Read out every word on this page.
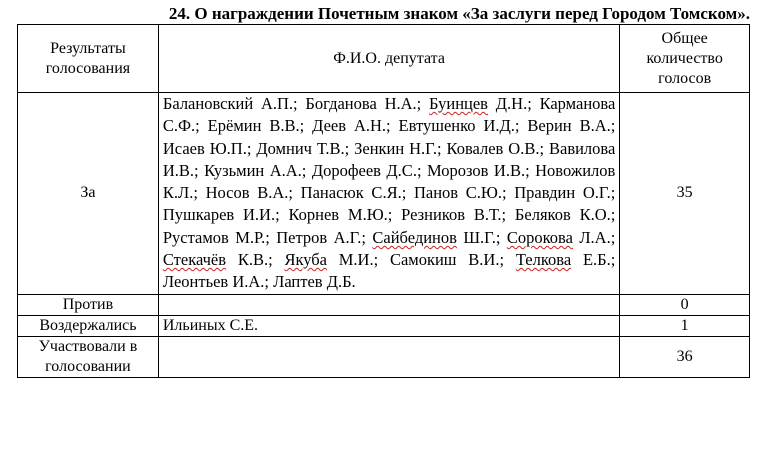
24. О награждении Почетным знаком «За заслуги перед Городом Томском».
Результаты голосования	Ф.И.О. депутата	Общее количество голосов
За	Балановский А.П.; Богданова Н.А.; Буинцев Д.Н.; Карманова С.Ф.; Ерёмин В.В.; Деев А.Н.; Евтушенко И.Д.; Верин В.А.; Исаев Ю.П.; Домнич Т.В.; Зенкин Н.Г.; Ковалев О.В.; Вавилова И.В.; Кузьмин А.А.; Дорофеев Д.С.; Морозов И.В.; Новожилов К.Л.; Носов В.А.; Панасюк С.Я.; Панов С.Ю.; Правдин О.Г.; Пушкарев И.И.; Корнев М.Ю.; Резников В.Т.; Беляков К.О.; Рустамов М.Р.; Петров А.Г.; Сайбединов Ш.Г.; Сорокова Л.А.; Стекачёв К.В.; Якуба М.И.; Самокиш В.И.; Телкова Е.Б.; Леонтьев И.А.; Лаптев Д.Б.	35
Против		0
Воздержались	Ильиных С.Е.	1
Участвовали в голосовании		36
